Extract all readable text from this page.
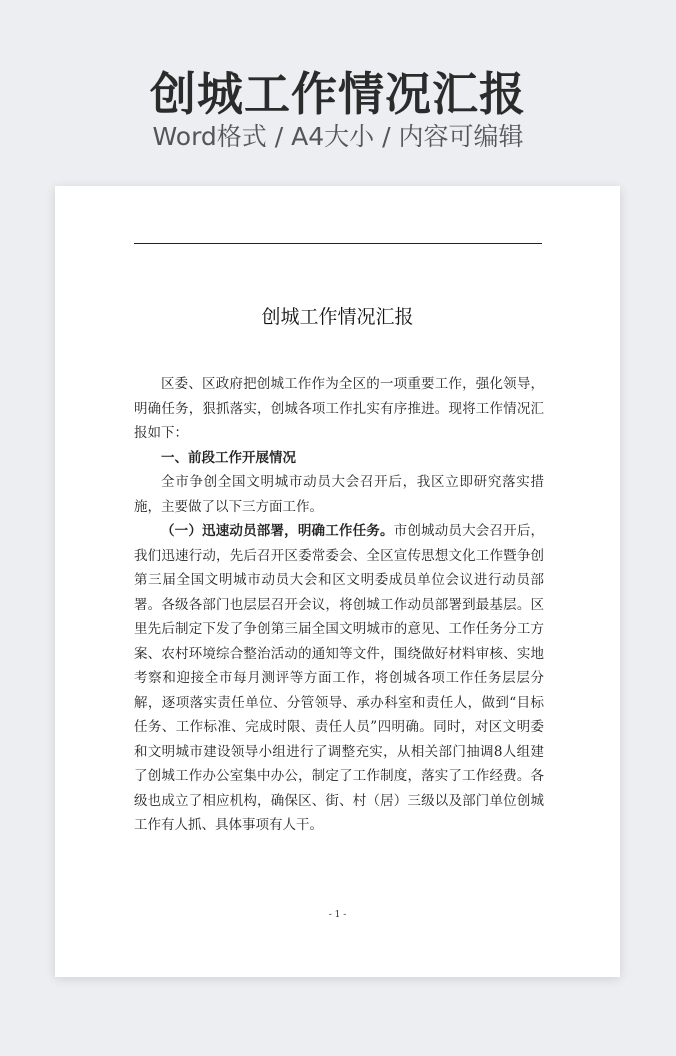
创城工作情况汇报
Word格式 / A4大小 / 内容可编辑
创城工作情况汇报

区委、区政府把创城工作作为全区的一项重要工作，强化领导，明确任务，狠抓落实，创城各项工作扎实有序推进。现将工作情况汇报如下：

一、前段工作开展情况

全市争创全国文明城市动员大会召开后，我区立即研究落实措施，主要做了以下三方面工作。

（一）迅速动员部署，明确工作任务。市创城动员大会召开后，我们迅速行动，先后召开区委常委会、全区宣传思想文化工作暨争创第三届全国文明城市动员大会和区文明委成员单位会议进行动员部署。各级各部门也层层召开会议，将创城工作动员部署到最基层。区里先后制定下发了争创第三届全国文明城市的意见、工作任务分工方案、农村环境综合整治活动的通知等文件，围绕做好材料审核、实地考察和迎接全市每月测评等方面工作，将创城各项工作任务层层分解，逐项落实责任单位、分管领导、承办科室和责任人，做到“目标任务、工作标准、完成时限、责任人员”四明确。同时，对区文明委和文明城市建设领导小组进行了调整充实，从相关部门抽调8人组建了创城工作办公室集中办公，制定了工作制度，落实了工作经费。各级也成立了相应机构，确保区、街、村（居）三级以及部门单位创城工作有人抓、具体事项有人干。

- 1 -
